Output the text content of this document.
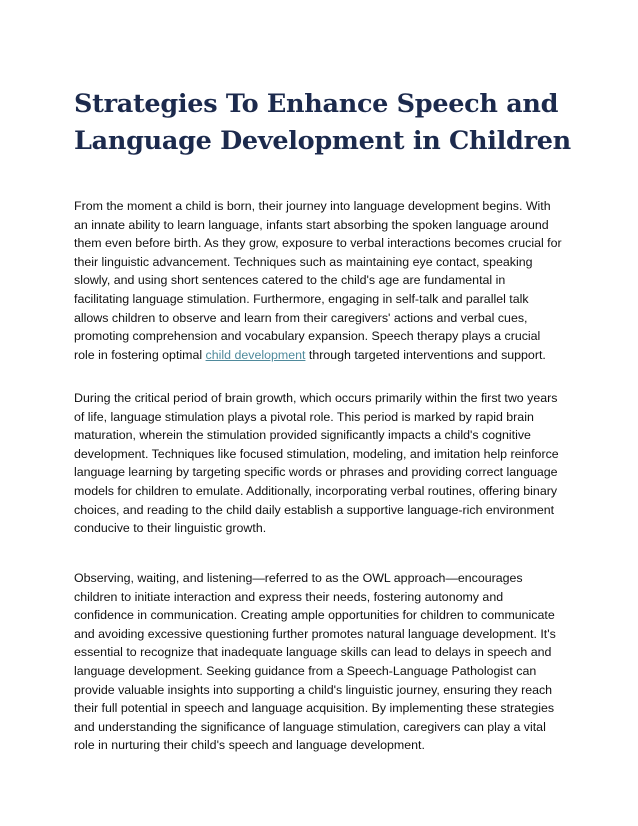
Strategies To Enhance Speech and Language Development in Children

From the moment a child is born, their journey into language development begins. With an innate ability to learn language, infants start absorbing the spoken language around them even before birth. As they grow, exposure to verbal interactions becomes crucial for their linguistic advancement. Techniques such as maintaining eye contact, speaking slowly, and using short sentences catered to the child's age are fundamental in facilitating language stimulation. Furthermore, engaging in self-talk and parallel talk allows children to observe and learn from their caregivers' actions and verbal cues, promoting comprehension and vocabulary expansion. Speech therapy plays a crucial role in fostering optimal child development through targeted interventions and support.

During the critical period of brain growth, which occurs primarily within the first two years of life, language stimulation plays a pivotal role. This period is marked by rapid brain maturation, wherein the stimulation provided significantly impacts a child's cognitive development. Techniques like focused stimulation, modeling, and imitation help reinforce language learning by targeting specific words or phrases and providing correct language models for children to emulate. Additionally, incorporating verbal routines, offering binary choices, and reading to the child daily establish a supportive language-rich environment conducive to their linguistic growth.

Observing, waiting, and listening—referred to as the OWL approach—encourages children to initiate interaction and express their needs, fostering autonomy and confidence in communication. Creating ample opportunities for children to communicate and avoiding excessive questioning further promotes natural language development. It's essential to recognize that inadequate language skills can lead to delays in speech and language development. Seeking guidance from a Speech-Language Pathologist can provide valuable insights into supporting a child's linguistic journey, ensuring they reach their full potential in speech and language acquisition. By implementing these strategies and understanding the significance of language stimulation, caregivers can play a vital role in nurturing their child's speech and language development.
